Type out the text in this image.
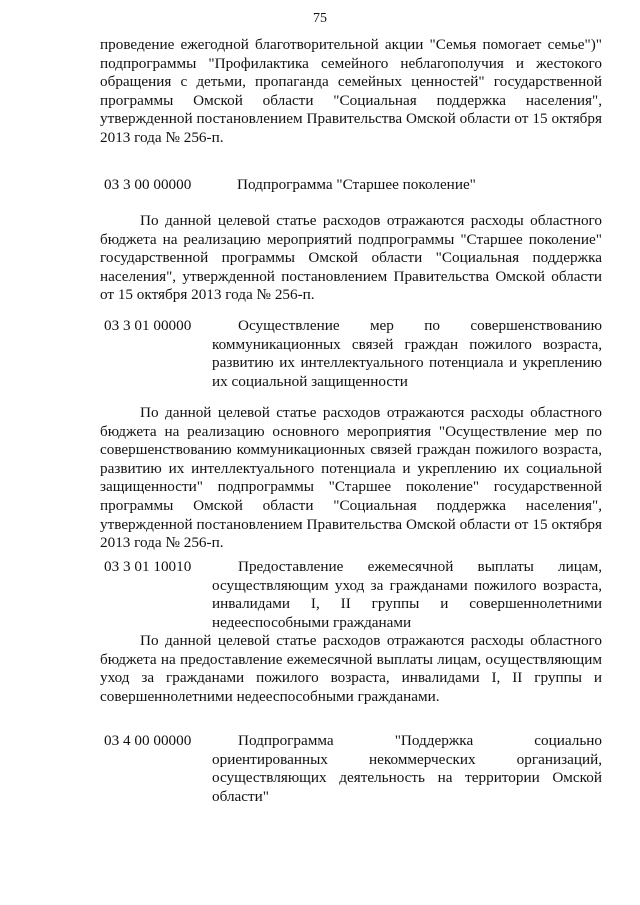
75
проведение ежегодной благотворительной акции "Семья помогает семье")" подпрограммы "Профилактика семейного неблагополучия и жестокого обращения с детьми, пропаганда семейных ценностей" государственной программы Омской области "Социальная поддержка населения", утвержденной постановлением Правительства Омской области от 15 октября 2013 года № 256-п.
03 3 00 00000	Подпрограмма "Старшее поколение"
По данной целевой статье расходов отражаются расходы областного бюджета на реализацию мероприятий подпрограммы "Старшее поколение" государственной программы Омской области "Социальная поддержка населения", утвержденной постановлением Правительства Омской области от 15 октября 2013 года № 256-п.
03 3 01 00000	Осуществление мер по совершенствованию коммуникационных связей граждан пожилого возраста, развитию их интеллектуального потенциала и укреплению их социальной защищенности
По данной целевой статье расходов отражаются расходы областного бюджета на реализацию основного мероприятия "Осуществление мер по совершенствованию коммуникационных связей граждан пожилого возраста, развитию их интеллектуального потенциала и укреплению их социальной защищенности" подпрограммы "Старшее поколение" государственной программы Омской области "Социальная поддержка населения", утвержденной постановлением Правительства Омской области от 15 октября 2013 года № 256-п.
03 3 01 10010	Предоставление ежемесячной выплаты лицам, осуществляющим уход за гражданами пожилого возраста, инвалидами I, II группы и совершеннолетними недееспособными гражданами
По данной целевой статье расходов отражаются расходы областного бюджета на предоставление ежемесячной выплаты лицам, осуществляющим уход за гражданами пожилого возраста, инвалидами I, II группы и совершеннолетними недееспособными гражданами.
03 4 00 00000	Подпрограмма "Поддержка социально ориентированных некоммерческих организаций, осуществляющих деятельность на территории Омской области"
